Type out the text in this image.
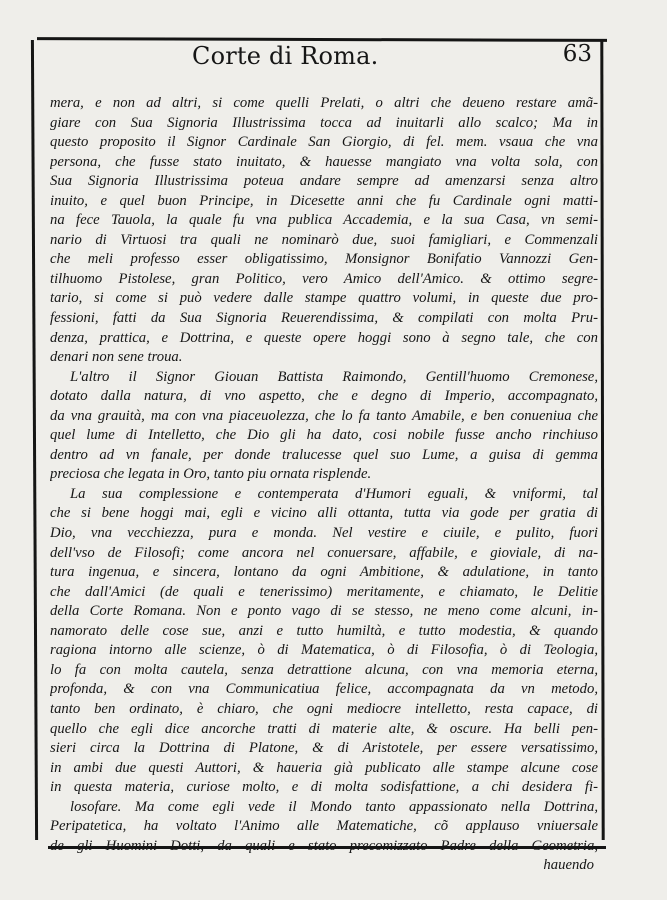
Corte di Roma.	63
mera, e non ad altri, si come quelli Prelati, o altri che deueno restare amã-
giare con Sua Signoria Illustrissima tocca ad inuitarli allo scalco; Ma in
questo proposito il Signor Cardinale San Giorgio, di fel. mem. vsaua che vna
persona, che fusse stato inuitato, & hauesse mangiato vna volta sola, con
Sua Signoria Illustrissima poteua andare sempre ad amenzarsi senza altro
inuito, e quel buon Principe, in Dicesette anni che fu Cardinale ogni matti-
na fece Tauola, la quale fu vna publica Accademia, e la sua Casa, vn semi-
nario di Virtuosi tra quali ne nominarò due, suoi famigliari, e Commenzali
che meli professo esser obligatissimo, Monsignor Bonifatio Vannozzi Gen-
tilhuomo Pistolese, gran Politico, vero Amico dell'Amico. & ottimo segre-
tario, si come si può vedere dalle stampe quattro volumi, in queste due pro-
fessioni, fatti da Sua Signoria Reuerendissima, & compilati con molta Pru-
denza, prattica, e Dottrina, e queste opere hoggi sono à segno tale, che con
denari non sene troua.
L'altro il Signor Giouan Battista Raimondo, Gentill'huomo Cremonese,
dotato dalla natura, di vno aspetto, che e degno di Imperio, accompagnato,
da vna grauità, ma con vna piaceuolezza, che lo fa tanto Amabile, e ben conueniua che
quel lume di Intelletto, che Dio gli ha dato, cosi nobile fusse ancho rinchiuso
dentro ad vn fanale, per donde tralucesse quel suo Lume, a guisa di gemma
preciosa che legata in Oro, tanto piu ornata risplende.
La sua complessione e contemperata d'Humori eguali, & vniformi, tal
che si bene hoggi mai, egli e vicino alli ottanta, tutta via gode per gratia di
Dio, vna vecchiezza, pura e monda. Nel vestire e ciuile, e pulito, fuori
dell'vso de Filosofi; come ancora nel conuersare, affabile, e gioviale, di na-
tura ingenua, e sincera, lontano da ogni Ambitione, & adulatione, in tanto
che dall'Amici (de quali e tenerissimo) meritamente, e chiamato, le Delitie
della Corte Romana. Non e ponto vago di se stesso, ne meno come alcuni, in-
namorato delle cose sue, anzi e tutto humiltà, e tutto modestia, & quando
ragiona intorno alle scienze, ò di Matematica, ò di Filosofia, ò di Teologia,
lo fa con molta cautela, senza detrattione alcuna, con vna memoria eterna,
profonda, & con vna Communicatiua felice, accompagnata da vn metodo,
tanto ben ordinato, è chiaro, che ogni mediocre intelletto, resta capace, di
quello che egli dice ancorche tratti di materie alte, & oscure. Ha belli pen-
sieri circa la Dottrina di Platone, & di Aristotele, per essere versatissimo,
in ambi due questi Auttori, & haueria già publicato alle stampe alcune cose
in questa materia, curiose molto, e di molta sodisfattione, a chi desidera fi-
losofare. Ma come egli vede il Mondo tanto appassionato nella Dottrina,
Peripatetica, ha voltato l'Animo alle Matematiche, cõ applauso vniuersale
de gli Huomini Dotti, da quali e stato precomizzato Padre della Geometria,
hauendo
